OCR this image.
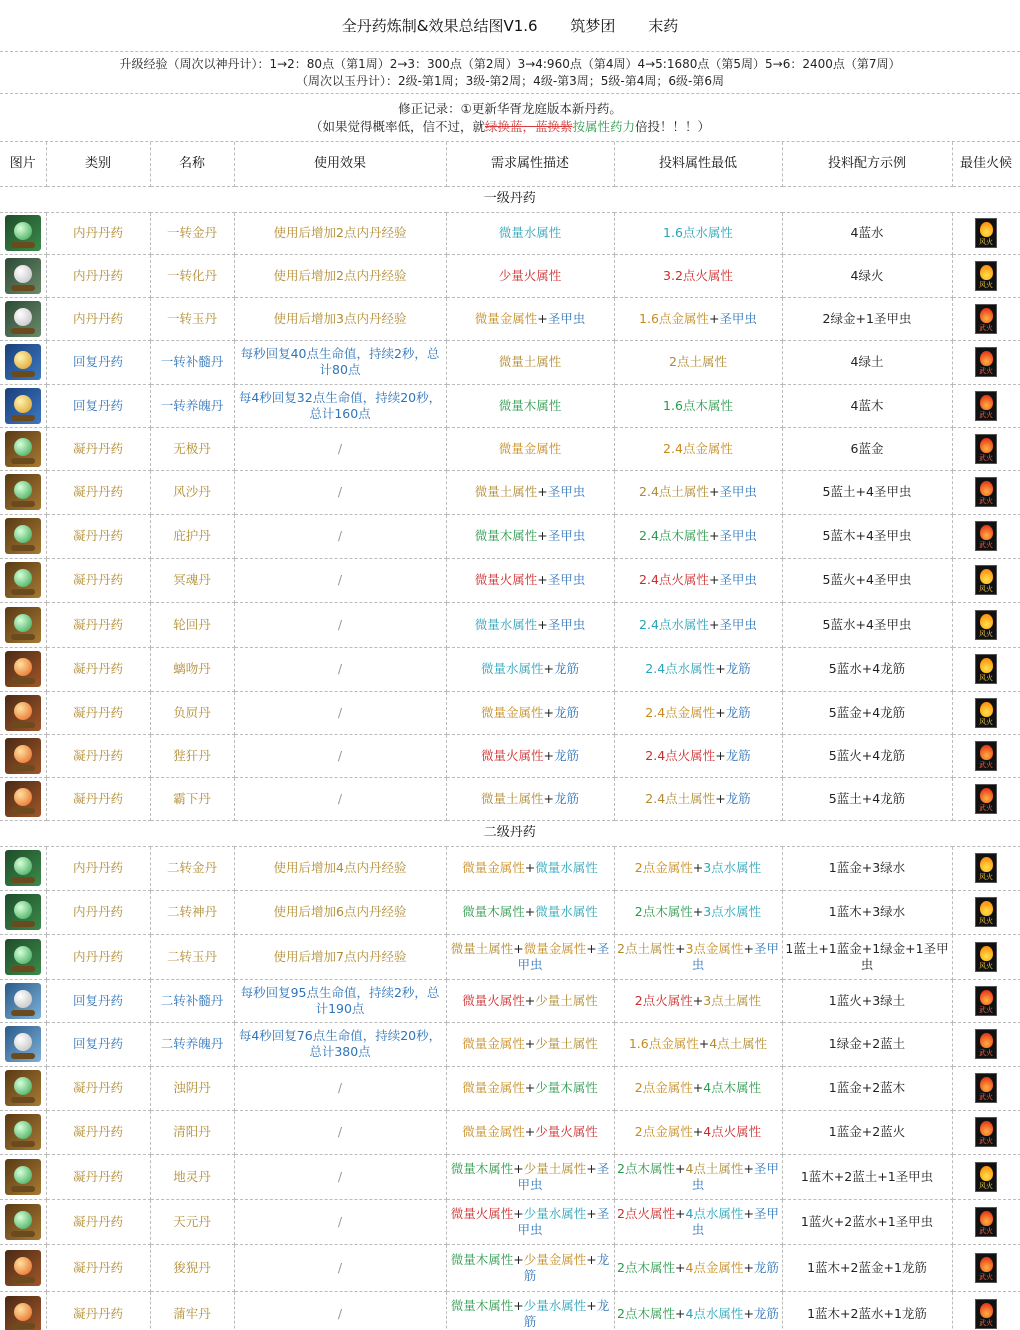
全丹药炼制&效果总结图V1.6 筑梦团 末药
升级经验（周次以神丹计）：1→2：80点（第1周）2→3：300点（第2周）3→4:960点（第4周）4→5:1680点（第5周）5→6：2400点（第7周）
（周次以玉丹计）：2级-第1周；3级-第2周；4级-第3周；5级-第4周；6级-第6周
修正记录：①更新华胥龙庭版本新丹药。
（如果觉得概率低，信不过，就绿换蓝，蓝换紫按属性药力倍投！！！）
图片	类别	名称	使用效果	需求属性描述	投料属性最低	投料配方示例	最佳火候
一级丹药							

	内丹丹药	一转金丹	使用后增加2点内丹经验	微量水属性	1.6点水属性	4蓝水	风火

	内丹丹药	一转化丹	使用后增加2点内丹经验	少量火属性	3.2点火属性	4绿火	风火

	内丹丹药	一转玉丹	使用后增加3点内丹经验	微量金属性+圣甲虫	1.6点金属性+圣甲虫	2绿金+1圣甲虫	武火

	回复丹药	一转补髓丹	每秒回复40点生命值，持续2秒，总计80点	微量土属性	2点土属性	4绿土	武火

	回复丹药	一转养魄丹	每4秒回复32点生命值，持续20秒，总计160点	微量木属性	1.6点木属性	4蓝木	武火

	凝丹丹药	无极丹	/	微量金属性	2.4点金属性	6蓝金	武火

	凝丹丹药	风沙丹	/	微量土属性+圣甲虫	2.4点土属性+圣甲虫	5蓝土+4圣甲虫	武火

	凝丹丹药	庇护丹	/	微量木属性+圣甲虫	2.4点木属性+圣甲虫	5蓝木+4圣甲虫	武火

	凝丹丹药	冥魂丹	/	微量火属性+圣甲虫	2.4点火属性+圣甲虫	5蓝火+4圣甲虫	风火

	凝丹丹药	轮回丹	/	微量水属性+圣甲虫	2.4点水属性+圣甲虫	5蓝水+4圣甲虫	风火

	凝丹丹药	螭吻丹	/	微量水属性+龙筋	2.4点水属性+龙筋	5蓝水+4龙筋	风火

	凝丹丹药	负屃丹	/	微量金属性+龙筋	2.4点金属性+龙筋	5蓝金+4龙筋	风火

	凝丹丹药	狴犴丹	/	微量火属性+龙筋	2.4点火属性+龙筋	5蓝火+4龙筋	武火

	凝丹丹药	霸下丹	/	微量土属性+龙筋	2.4点土属性+龙筋	5蓝土+4龙筋	武火

二级丹药							

	内丹丹药	二转金丹	使用后增加4点内丹经验	微量金属性+微量水属性	2点金属性+3点水属性	1蓝金+3绿水	风火

	内丹丹药	二转神丹	使用后增加6点内丹经验	微量木属性+微量水属性	2点木属性+3点水属性	1蓝木+3绿水	风火

	内丹丹药	二转玉丹	使用后增加7点内丹经验	微量土属性+微量金属性+圣甲虫	2点土属性+3点金属性+圣甲虫	1蓝土+1蓝金+1绿金+1圣甲虫	风火

	回复丹药	二转补髓丹	每秒回复95点生命值，持续2秒，总计190点	微量火属性+少量土属性	2点火属性+3点土属性	1蓝火+3绿土	武火

	回复丹药	二转养魄丹	每4秒回复76点生命值，持续20秒，总计380点	微量金属性+少量土属性	1.6点金属性+4点土属性	1绿金+2蓝土	武火

	凝丹丹药	浊阴丹	/	微量金属性+少量木属性	2点金属性+4点木属性	1蓝金+2蓝木	武火

	凝丹丹药	清阳丹	/	微量金属性+少量火属性	2点金属性+4点火属性	1蓝金+2蓝火	武火

	凝丹丹药	地灵丹	/	微量木属性+少量土属性+圣甲虫	2点木属性+4点土属性+圣甲虫	1蓝木+2蓝土+1圣甲虫	风火

	凝丹丹药	天元丹	/	微量火属性+少量水属性+圣甲虫	2点火属性+4点水属性+圣甲虫	1蓝火+2蓝水+1圣甲虫	武火

	凝丹丹药	狻猊丹	/	微量木属性+少量金属性+龙筋	2点木属性+4点金属性+龙筋	1蓝木+2蓝金+1龙筋	武火

	凝丹丹药	蒲牢丹	/	微量木属性+少量水属性+龙筋	2点木属性+4点水属性+龙筋	1蓝木+2蓝水+1龙筋	武火
